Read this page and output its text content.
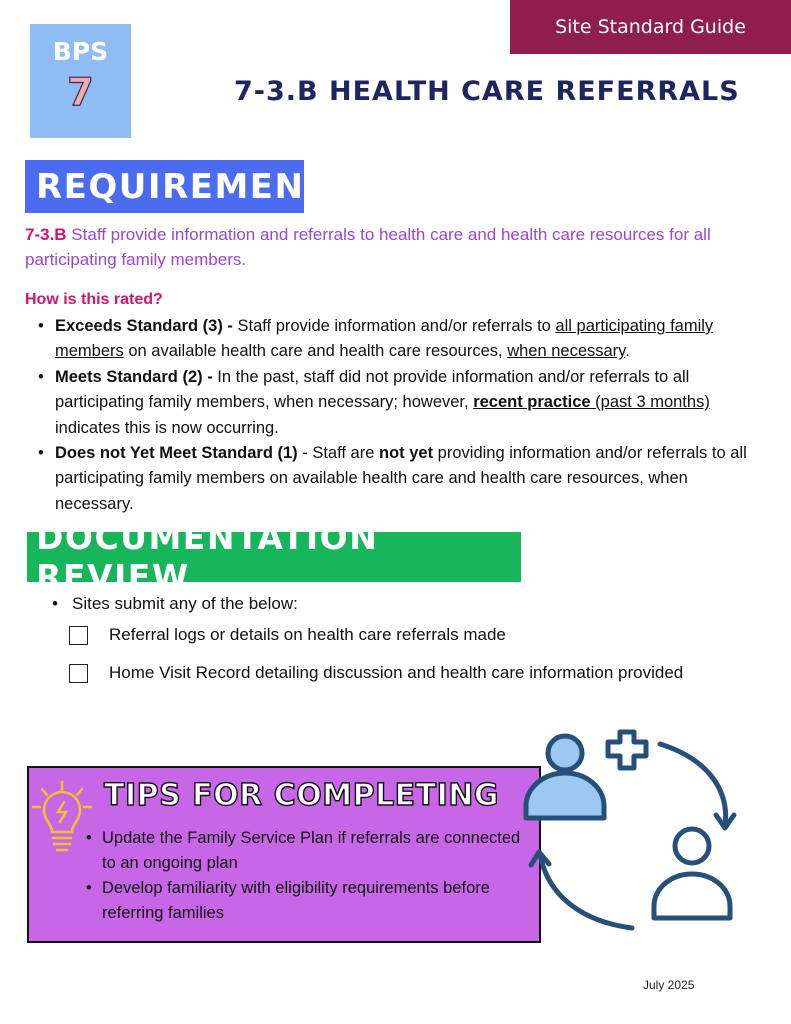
Site Standard Guide
BPS
7	7-3.B HEALTH CARE REFERRALS
REQUIREMENT

7-3.B Staff provide information and referrals to health care and health care resources for all participating family members.

How is this rated?
• Exceeds Standard (3) - Staff provide information and/or referrals to all participating family members on available health care and health care resources, when necessary.
• Meets Standard (2) - In the past, staff did not provide information and/or referrals to all participating family members, when necessary; however, recent practice (past 3 months) indicates this is now occurring.
• Does not Yet Meet Standard (1) - Staff are not yet providing information and/or referrals to all participating family members on available health care and health care resources, when necessary.
DOCUMENTATION REVIEW
• Sites submit any of the below:
Referral logs or details on health care referrals made
Home Visit Record detailing discussion and health care information provided
TIPS FOR COMPLETING
• Update the Family Service Plan if referrals are connected to an ongoing plan
• Develop familiarity with eligibility requirements before referring families
July 2025
